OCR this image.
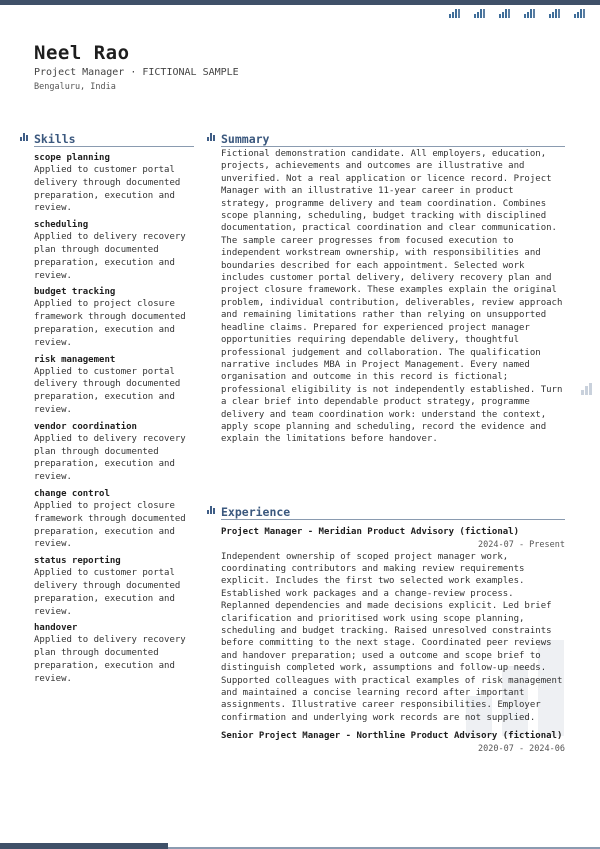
Neel Rao
Project Manager · FICTIONAL SAMPLE
Bengaluru, India
Skills
scope planning
Applied to customer portal delivery through documented preparation, execution and review.
scheduling
Applied to delivery recovery plan through documented preparation, execution and review.
budget tracking
Applied to project closure framework through documented preparation, execution and review.
risk management
Applied to customer portal delivery through documented preparation, execution and review.
vendor coordination
Applied to delivery recovery plan through documented preparation, execution and review.
change control
Applied to project closure framework through documented preparation, execution and review.
status reporting
Applied to customer portal delivery through documented preparation, execution and review.
handover
Applied to delivery recovery plan through documented preparation, execution and review.
Summary
Fictional demonstration candidate. All employers, education, projects, achievements and outcomes are illustrative and unverified. Not a real application or licence record. Project Manager with an illustrative 11-year career in product strategy, programme delivery and team coordination. Combines scope planning, scheduling, budget tracking with disciplined documentation, practical coordination and clear communication. The sample career progresses from focused execution to independent workstream ownership, with responsibilities and boundaries described for each appointment. Selected work includes customer portal delivery, delivery recovery plan and project closure framework. These examples explain the original problem, individual contribution, deliverables, review approach and remaining limitations rather than relying on unsupported headline claims. Prepared for experienced project manager opportunities requiring dependable delivery, thoughtful professional judgement and collaboration. The qualification narrative includes MBA in Project Management. Every named organisation and outcome in this record is fictional; professional eligibility is not independently established. Turn a clear brief into dependable product strategy, programme delivery and team coordination work: understand the context, apply scope planning and scheduling, record the evidence and explain the limitations before handover.
Experience
Project Manager - Meridian Product Advisory (fictional)
2024-07 - Present
Independent ownership of scoped project manager work, coordinating contributors and making review requirements explicit. Includes the first two selected work examples. Established work packages and a change-review process. Replanned dependencies and made decisions explicit. Led brief clarification and prioritised work using scope planning, scheduling and budget tracking. Raised unresolved constraints before committing to the next stage. Coordinated peer reviews and handover preparation; used a outcome and scope brief to distinguish completed work, assumptions and follow-up needs. Supported colleagues with practical examples of risk management and maintained a concise learning record after important assignments. Illustrative career responsibilities. Employer confirmation and underlying work records are not supplied.
Senior Project Manager - Northline Product Advisory (fictional)
2020-07 - 2024-06
